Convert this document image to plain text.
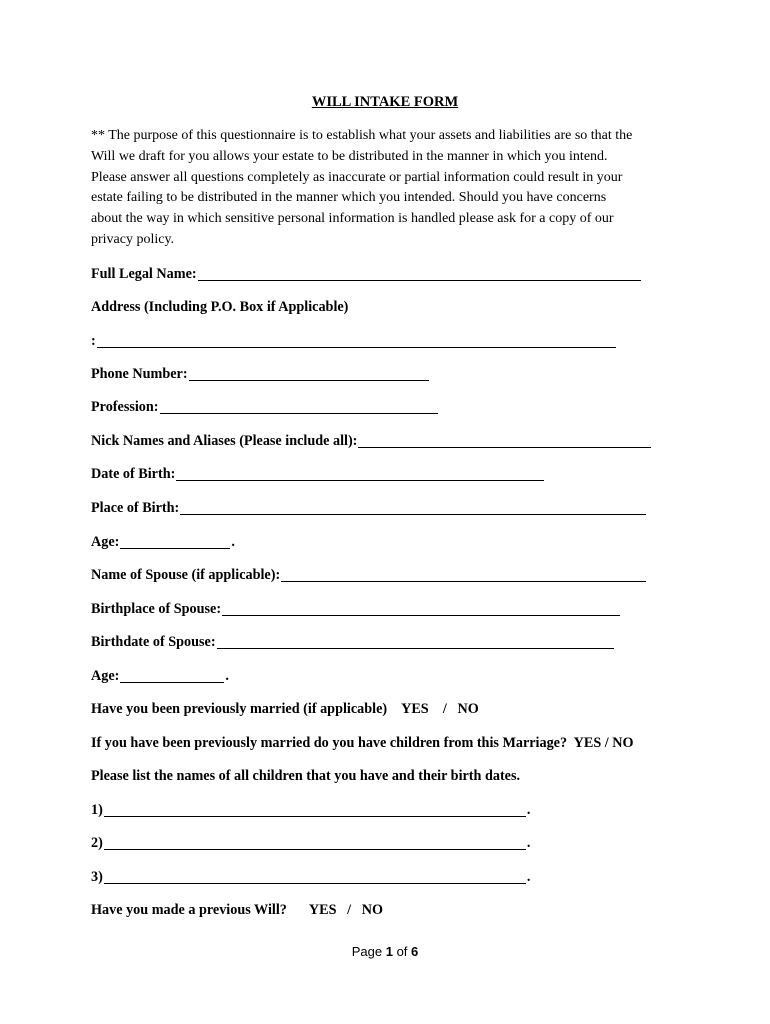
WILL INTAKE FORM
** The purpose of this questionnaire is to establish what your assets and liabilities are so that the
Will we draft for you allows your estate to be distributed in the manner in which you intend.
Please answer all questions completely as inaccurate or partial information could result in your
estate failing to be distributed in the manner which you intended. Should you have concerns
about the way in which sensitive personal information is handled please ask for a copy of our
privacy policy.
Full Legal Name:
Address (Including P.O. Box if Applicable)
:
Phone Number:
Profession:
Nick Names and Aliases (Please include all):
Date of Birth:
Place of Birth:
Age:	.
Name of Spouse (if applicable):
Birthplace of Spouse:
Birthdate of Spouse:
Age:	.
Have you been previously married (if applicable) YES    /   NO
If you have been previously married do you have children from this Marriage?  YES / NO
Please list the names of all children that you have and their birth dates.
1)	.
2)	.
3)	.
Have you made a previous Will? YES   /   NO
Page 1 of 6
